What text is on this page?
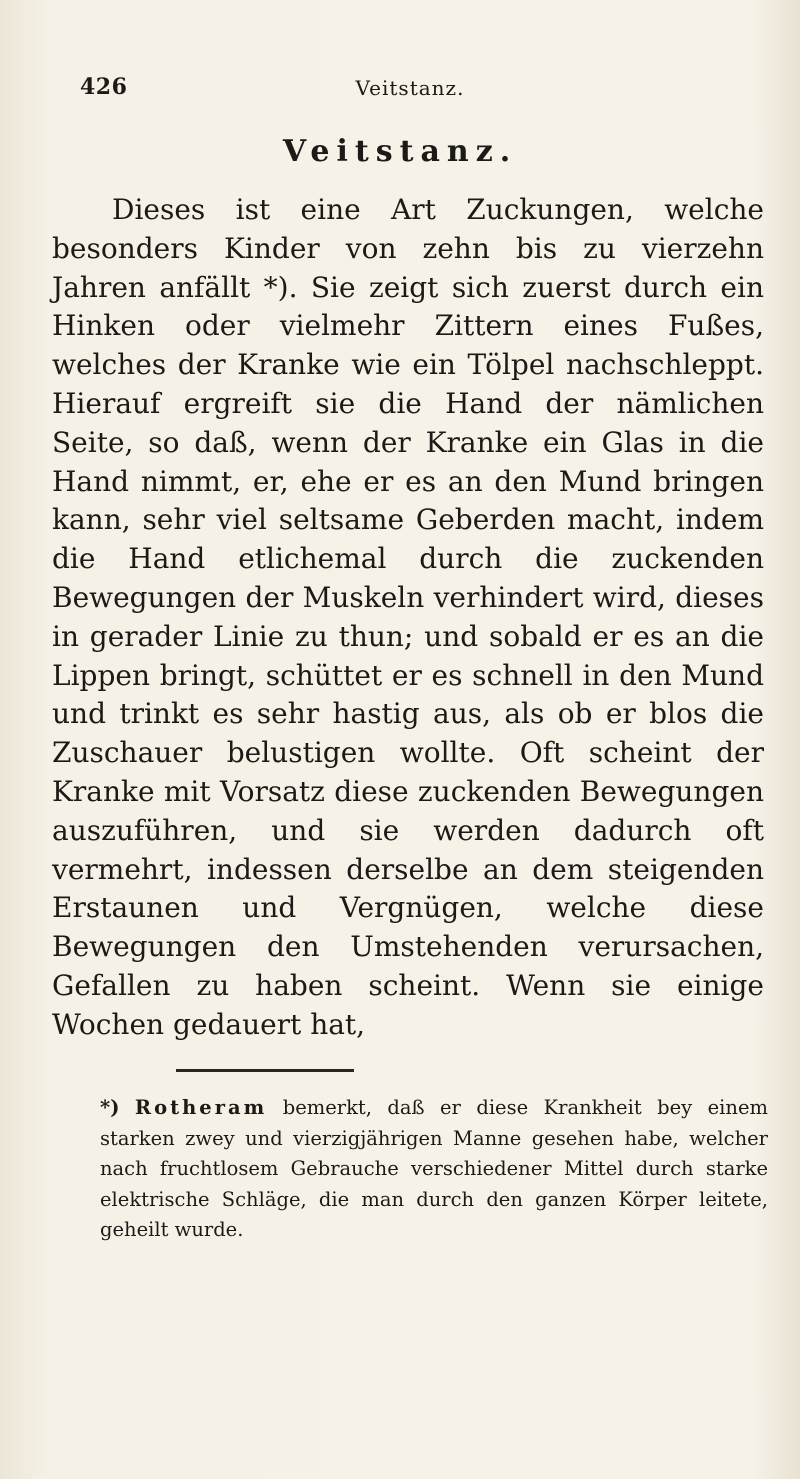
426	Veitstanz.
Veitstanz.

Dieses ist eine Art Zuckungen, welche besonders Kinder von zehn bis zu vierzehn Jahren anfällt *). Sie zeigt sich zuerst durch ein Hinken oder vielmehr Zittern eines Fußes, welches der Kranke wie ein Tölpel nachschleppt. Hierauf ergreift sie die Hand der nämlichen Seite, so daß, wenn der Kranke ein Glas in die Hand nimmt, er, ehe er es an den Mund bringen kann, sehr viel seltsame Geberden macht, indem die Hand etlichemal durch die zuckenden Bewegungen der Muskeln verhindert wird, dieses in gerader Linie zu thun; und sobald er es an die Lippen bringt, schüttet er es schnell in den Mund und trinkt es sehr hastig aus, als ob er blos die Zuschauer belustigen wollte. Oft scheint der Kranke mit Vorsatz diese zuckenden Bewegungen auszuführen, und sie werden dadurch oft vermehrt, indessen derselbe an dem steigenden Erstaunen und Vergnügen, welche diese Bewegungen den Umstehenden verursachen, Gefallen zu haben scheint. Wenn sie einige Wochen gedauert hat,

*) Rotheram bemerkt, daß er diese Krankheit bey einem starken zwey und vierzigjährigen Manne gesehen habe, welcher nach fruchtlosem Gebrauche verschiedener Mittel durch starke elektrische Schläge, die man durch den ganzen Körper leitete, geheilt wurde.
